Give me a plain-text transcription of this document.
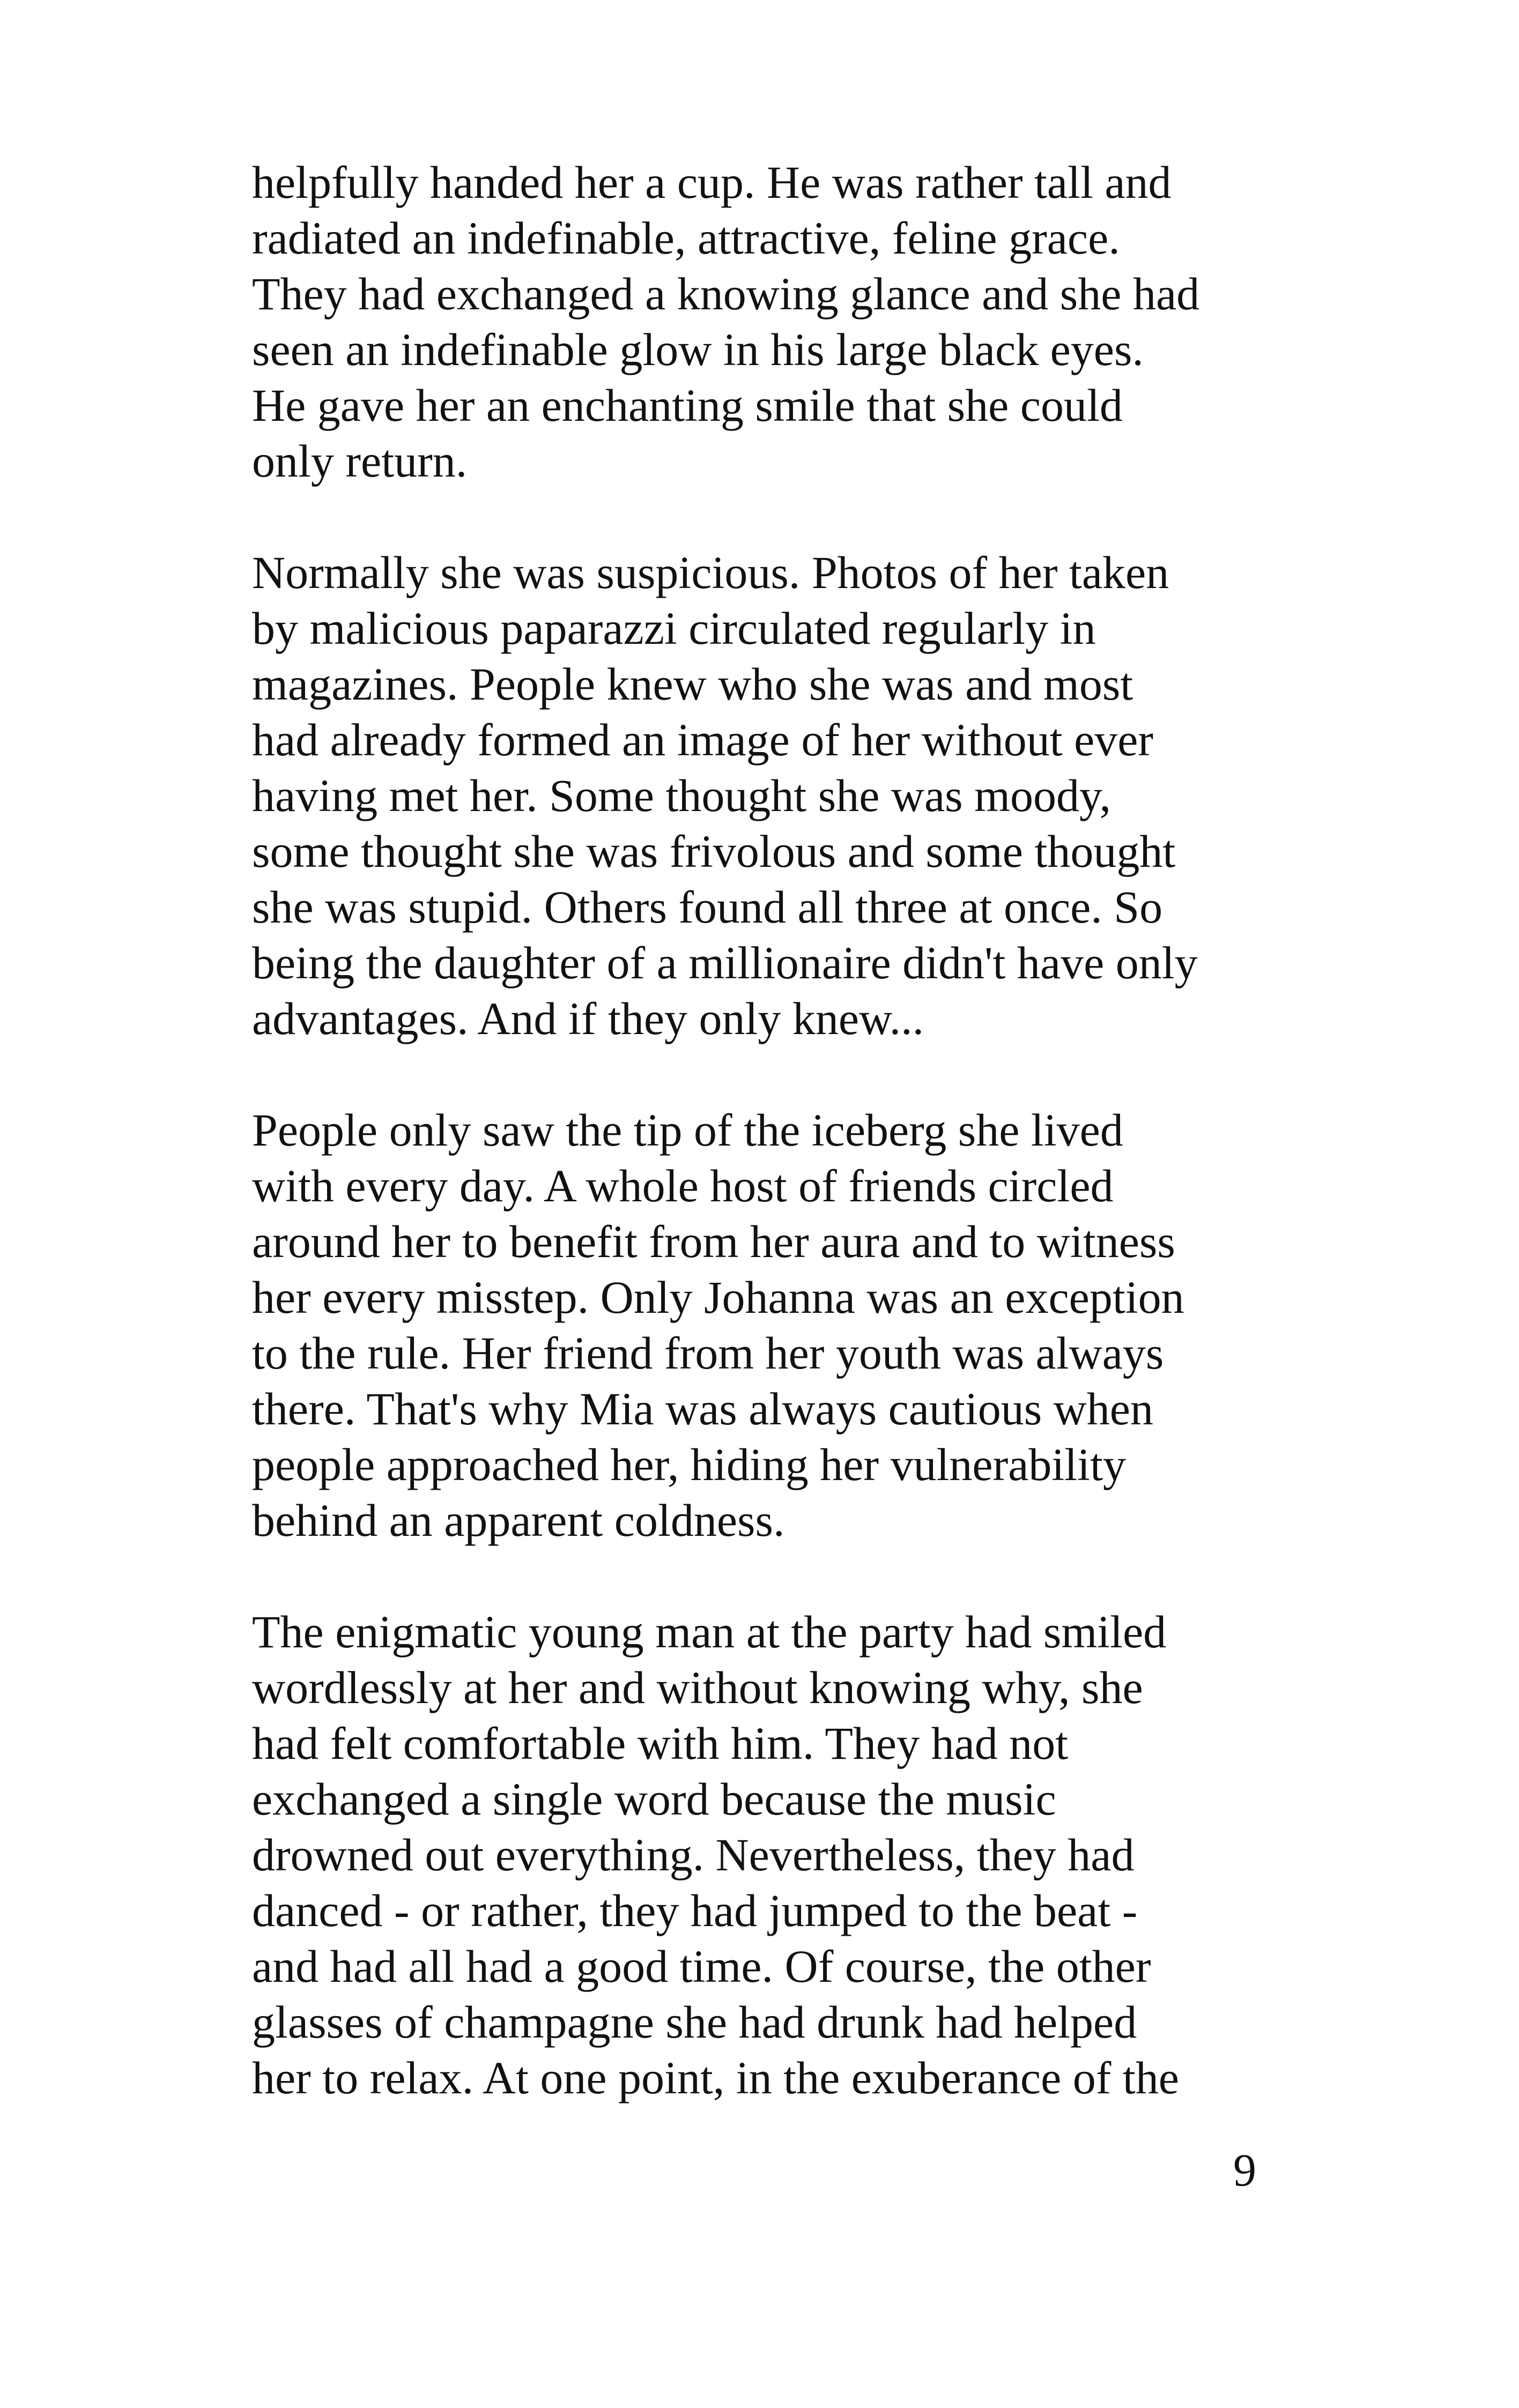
helpfully handed her a cup. He was rather tall and
radiated an indefinable, attractive, feline grace.
They had exchanged a knowing glance and she had
seen an indefinable glow in his large black eyes.
He gave her an enchanting smile that she could
only return.

Normally she was suspicious. Photos of her taken
by malicious paparazzi circulated regularly in
magazines. People knew who she was and most
had already formed an image of her without ever
having met her. Some thought she was moody,
some thought she was frivolous and some thought
she was stupid. Others found all three at once. So
being the daughter of a millionaire didn't have only
advantages. And if they only knew...

People only saw the tip of the iceberg she lived
with every day. A whole host of friends circled
around her to benefit from her aura and to witness
her every misstep. Only Johanna was an exception
to the rule. Her friend from her youth was always
there. That's why Mia was always cautious when
people approached her, hiding her vulnerability
behind an apparent coldness.

The enigmatic young man at the party had smiled
wordlessly at her and without knowing why, she
had felt comfortable with him. They had not
exchanged a single word because the music
drowned out everything. Nevertheless, they had
danced - or rather, they had jumped to the beat -
and had all had a good time. Of course, the other
glasses of champagne she had drunk had helped
her to relax. At one point, in the exuberance of the

9
